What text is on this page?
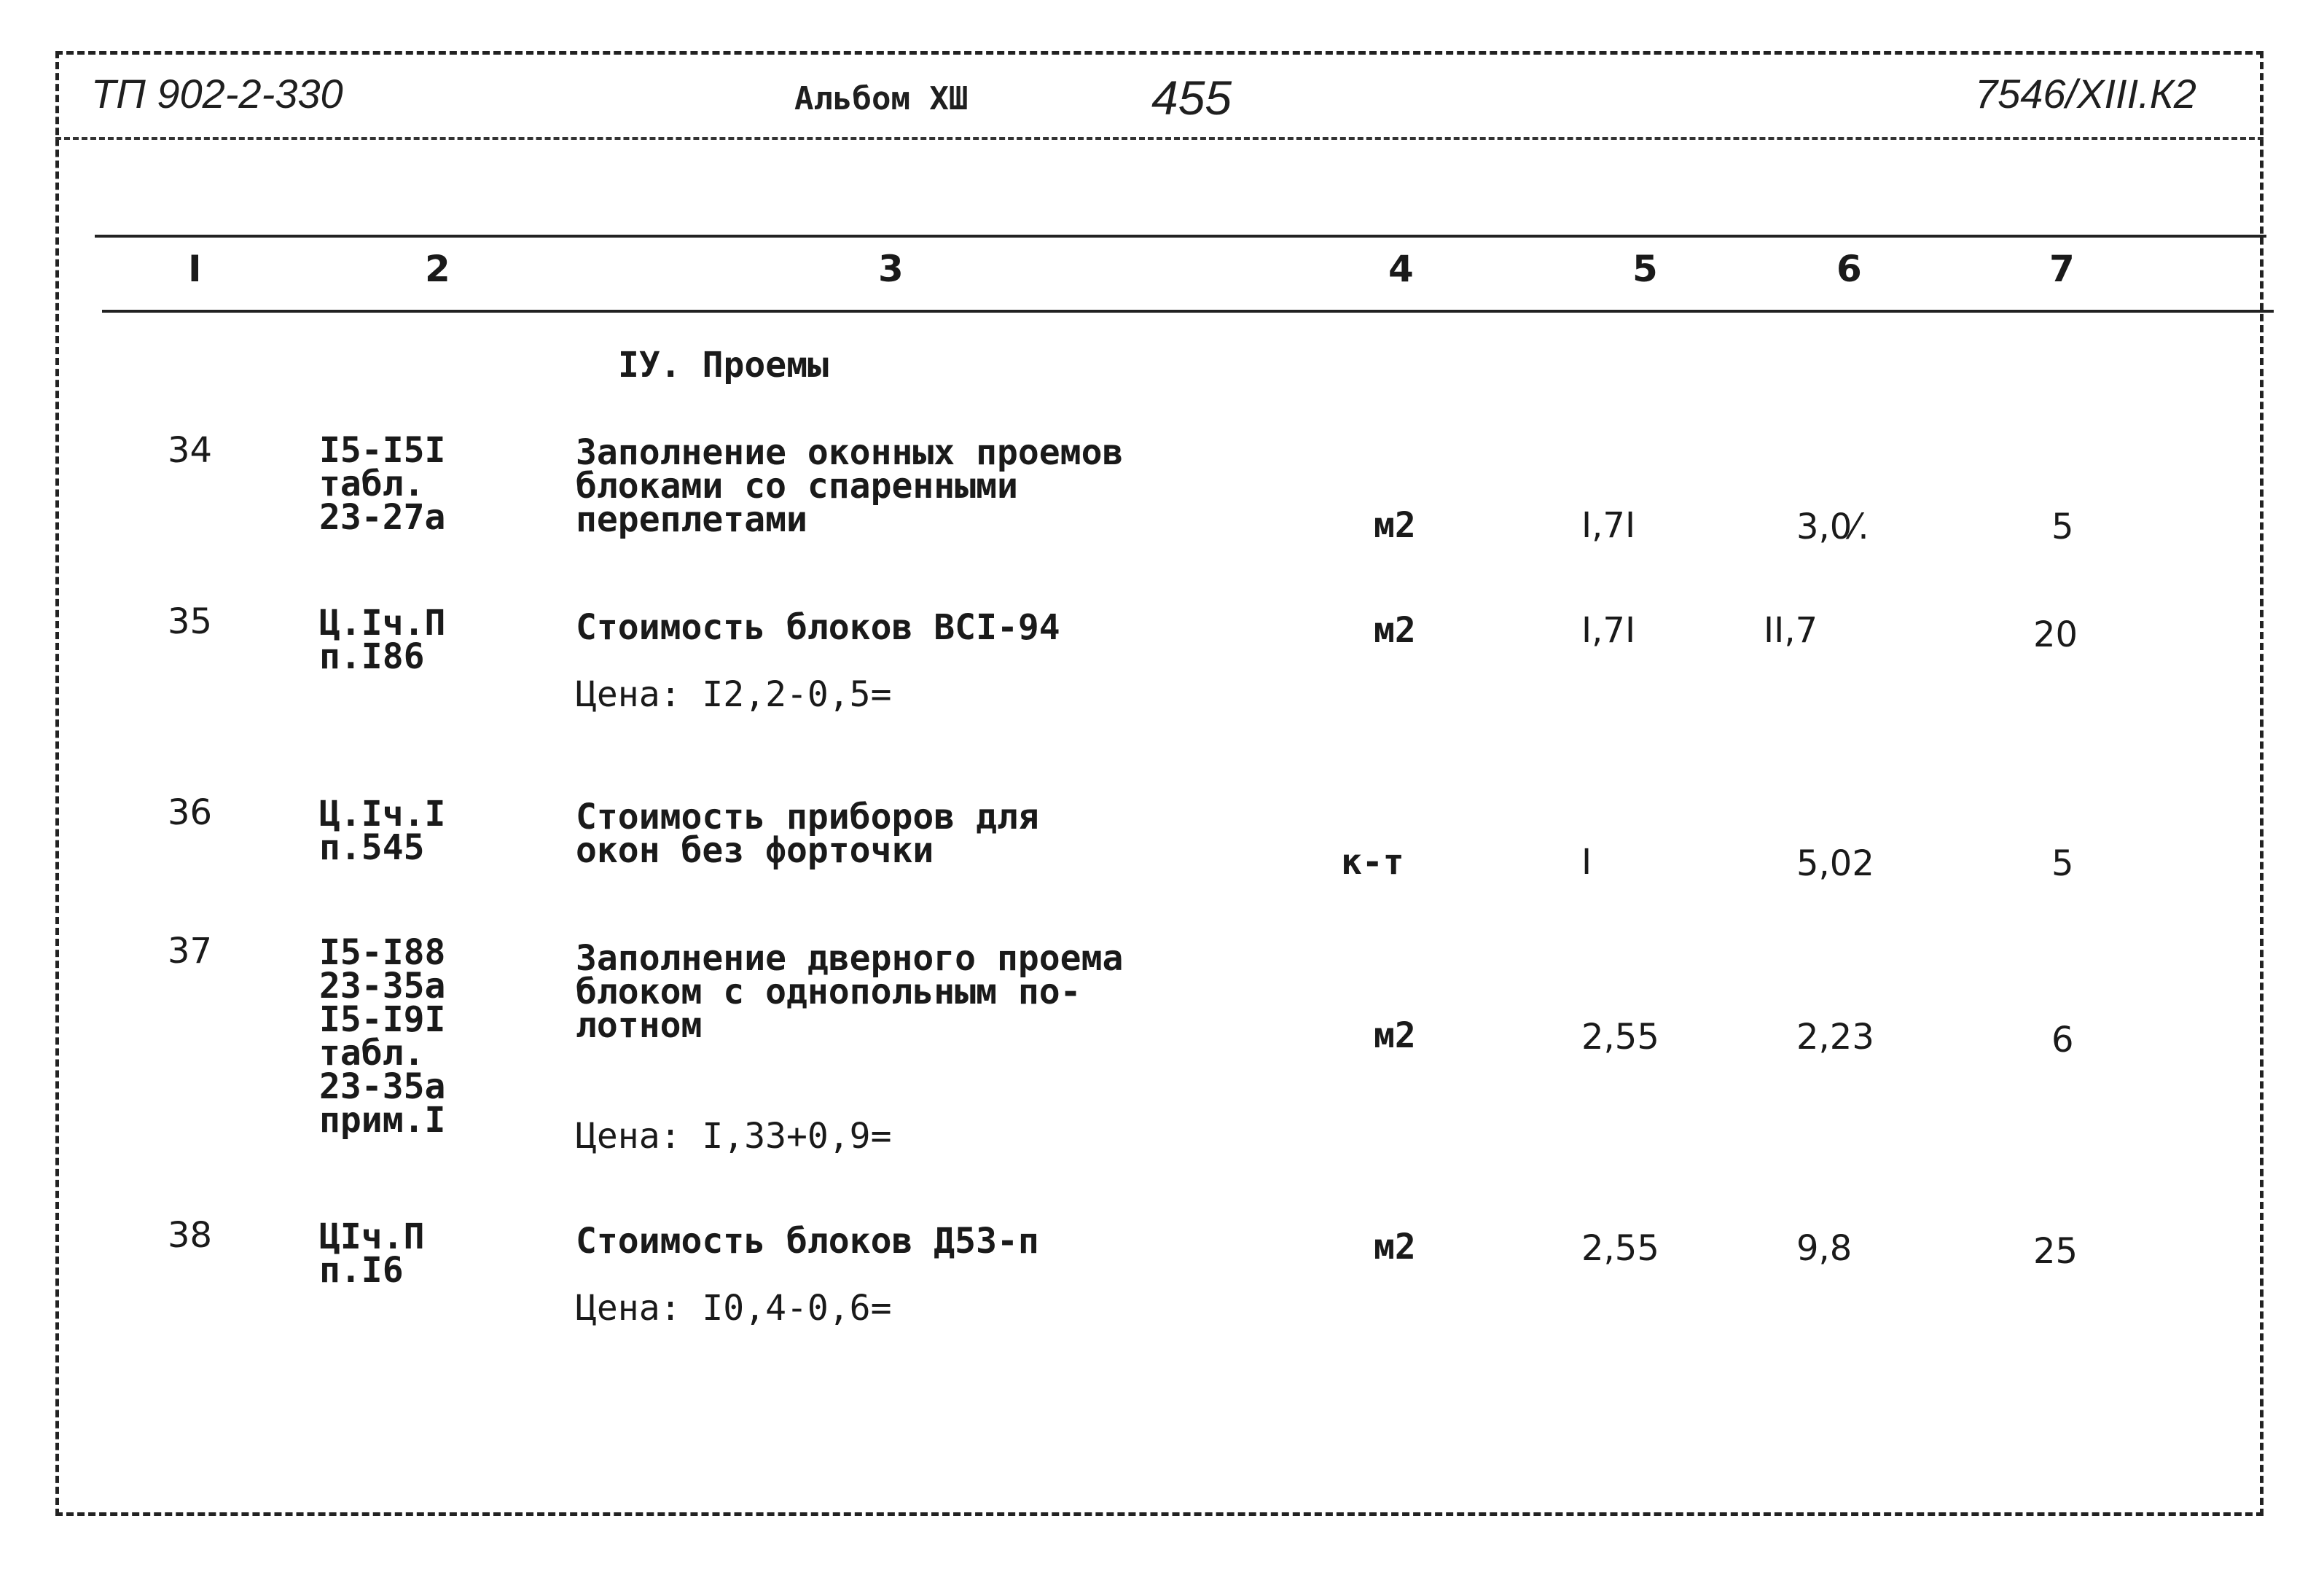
ТП 902-2-330	Альбом ХШ	455	7546/ХIII.К2
I	2	3	4	5	6	7
IУ. Проемы
34	I5-I5I
табл.
23-27а
Заполнение оконных проемов
блоками со спаренными
переплетами	м2	I,7I	3,0⁄.	5
35	Ц.Iч.П
п.I86
Стоимость блоков ВСI-94
Цена: I2,2-0,5=
м2	I,7I	II,7	20
36	Ц.Iч.I
п.545
Стоимость приборов для
окон без форточки	к-т	I	5,02	5
37	I5-I88
23-35а
I5-I9I
табл.
23-35а
прим.I
Заполнение дверного проема
блоком с однопольным по-
лотном
Цена: I,33+0,9=
м2	2,55	2,23	6
38	ЦIч.П
п.I6
Стоимость блоков Д53-п
Цена: I0,4-0,6=
м2	2,55	9,8	25
